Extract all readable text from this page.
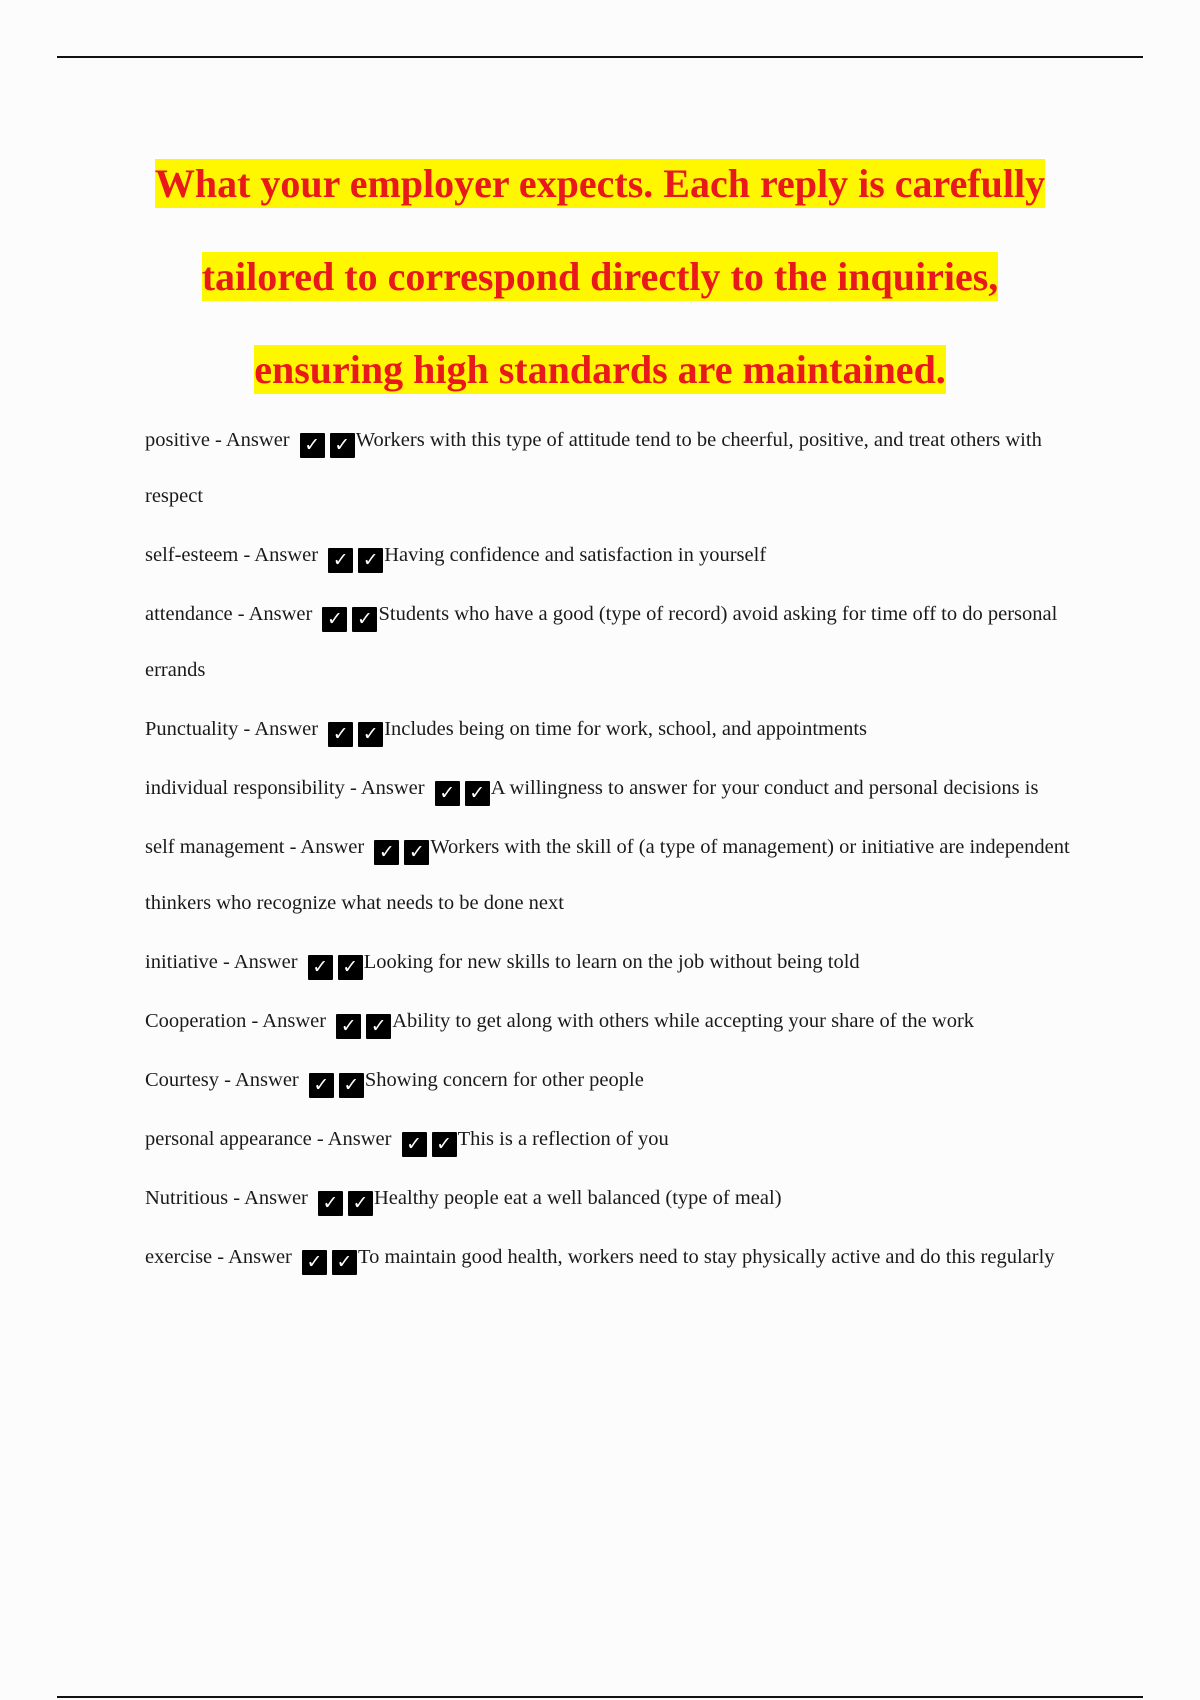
What your employer expects. Each reply is carefully
tailored to correspond directly to the inquiries,
ensuring high standards are maintained.
positive - Answer ✓ ✓ Workers with this type of attitude tend to be cheerful, positive, and treat others with respect
self-esteem - Answer ✓ ✓ Having confidence and satisfaction in yourself
attendance - Answer ✓ ✓ Students who have a good (type of record) avoid asking for time off to do personal errands
Punctuality - Answer ✓ ✓ Includes being on time for work, school, and appointments
individual responsibility - Answer ✓ ✓ A willingness to answer for your conduct and personal decisions is
self management - Answer ✓ ✓ Workers with the skill of (a type of management) or initiative are independent thinkers who recognize what needs to be done next
initiative - Answer ✓ ✓ Looking for new skills to learn on the job without being told
Cooperation - Answer ✓ ✓ Ability to get along with others while accepting your share of the work
Courtesy - Answer ✓ ✓ Showing concern for other people
personal appearance - Answer ✓ ✓ This is a reflection of you
Nutritious - Answer ✓ ✓ Healthy people eat a well balanced (type of meal)
exercise - Answer ✓ ✓ To maintain good health, workers need to stay physically active and do this regularly
